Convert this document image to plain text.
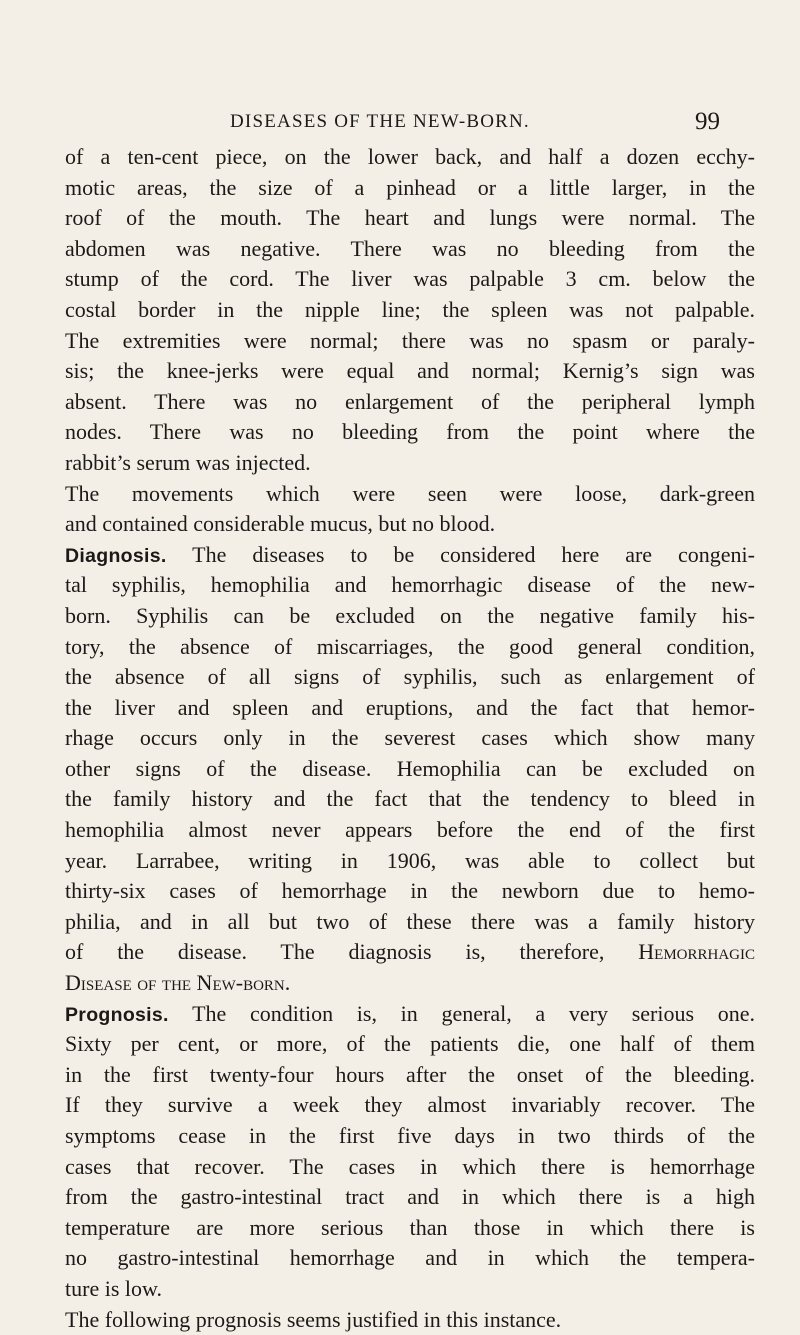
DISEASES OF THE NEW-BORN.	99
of a ten-cent piece, on the lower back, and half a dozen ecchy-
motic areas, the size of a pinhead or a little larger, in the
roof of the mouth. The heart and lungs were normal. The
abdomen was negative. There was no bleeding from the
stump of the cord. The liver was palpable 3 cm. below the
costal border in the nipple line; the spleen was not palpable.
The extremities were normal; there was no spasm or paraly-
sis; the knee-jerks were equal and normal; Kernig’s sign was
absent. There was no enlargement of the peripheral lymph
nodes. There was no bleeding from the point where the
rabbit’s serum was injected.
The movements which were seen were loose, dark-green
and contained considerable mucus, but no blood.
Diagnosis. The diseases to be considered here are congeni-
tal syphilis, hemophilia and hemorrhagic disease of the new-
born. Syphilis can be excluded on the negative family his-
tory, the absence of miscarriages, the good general condition,
the absence of all signs of syphilis, such as enlargement of
the liver and spleen and eruptions, and the fact that hemor-
rhage occurs only in the severest cases which show many
other signs of the disease. Hemophilia can be excluded on
the family history and the fact that the tendency to bleed in
hemophilia almost never appears before the end of the first
year. Larrabee, writing in 1906, was able to collect but
thirty-six cases of hemorrhage in the newborn due to hemo-
philia, and in all but two of these there was a family history
of the disease. The diagnosis is, therefore, Hemorrhagic
Disease of the New-born.
Prognosis. The condition is, in general, a very serious one.
Sixty per cent, or more, of the patients die, one half of them
in the first twenty-four hours after the onset of the bleeding.
If they survive a week they almost invariably recover. The
symptoms cease in the first five days in two thirds of the
cases that recover. The cases in which there is hemorrhage
from the gastro-intestinal tract and in which there is a high
temperature are more serious than those in which there is
no gastro-intestinal hemorrhage and in which the tempera-
ture is low.
The following prognosis seems justified in this instance.
